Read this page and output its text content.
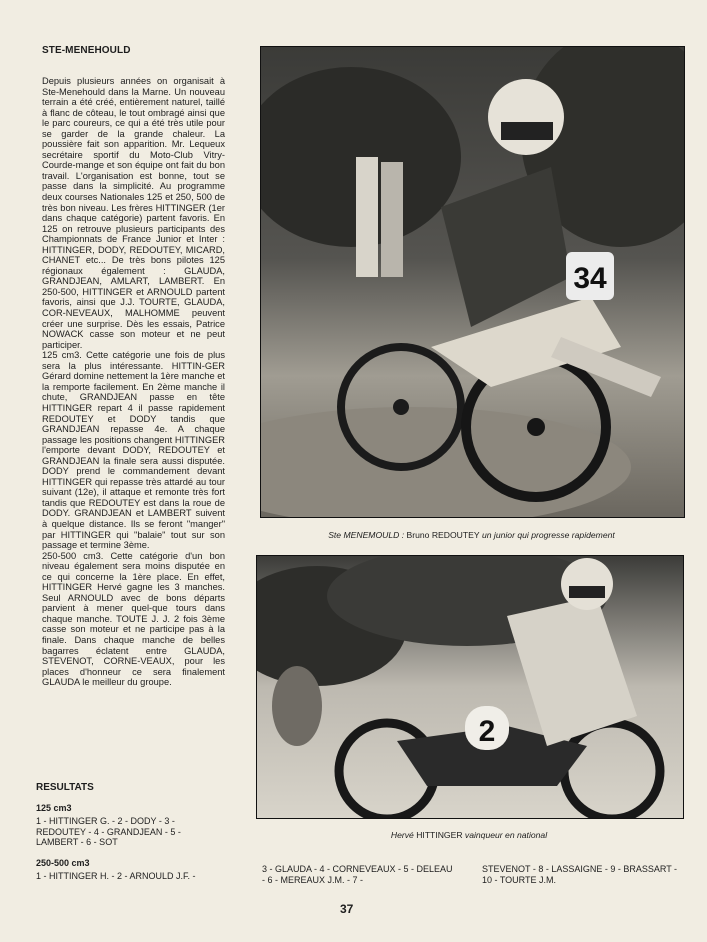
STE-MENEHOULD
Depuis plusieurs années on organisait à Ste-Menehould dans la Marne. Un nouveau terrain a été créé, entièrement naturel, taillé à flanc de côteau, le tout ombragé ainsi que le parc coureurs, ce qui a été très utile pour se garder de la grande chaleur. La poussière fait son apparition. Mr. Lequeux secrétaire sportif du Moto-Club Vitry-Courde-mange et son équipe ont fait du bon travail. L'organisation est bonne, tout se passe dans la simplicité. Au programme deux courses Nationales 125 et 250, 500 de très bon niveau. Les frères HITTINGER (1er dans chaque catégorie) partent favoris. En 125 on retrouve plusieurs participants des Championnats de France Junior et Inter : HITTINGER, DODY, REDOUTEY, MICARD, CHANET etc... De très bons pilotes 125 régionaux également : GLAUDA, GRANDJEAN, AMLART, LAMBERT. En 250-500, HITTINGER et ARNOULD partent favoris, ainsi que J.J. TOURTE, GLAUDA, COR-NEVEAUX, MALHOMME peuvent créer une surprise. Dès les essais, Patrice NOWACK casse son moteur et ne peut participer.
125 cm3. Cette catégorie une fois de plus sera la plus intéressante. HITTIN-GER Gérard domine nettement la 1ère manche et la remporte facilement. En 2ème manche il chute, GRANDJEAN passe en tête HITTINGER repart 4 il passe rapidement REDOUTEY et DODY tandis que GRANDJEAN repasse 4e. A chaque passage les positions changent HITTINGER l'emporte devant DODY, REDOUTEY et GRANDJEAN la finale sera aussi disputée. DODY prend le commandement devant HITTINGER qui repasse très attardé au tour suivant (12e), il attaque et remonte très fort tandis que REDOUTEY est dans la roue de DODY. GRANDJEAN et LAMBERT suivent à quelque distance. Ils se feront "manger" par HITTINGER qui "balaie" tout sur son passage et termine 3ème.
250-500 cm3. Cette catégorie d'un bon niveau également sera moins disputée en ce qui concerne la 1ère place. En effet, HITTINGER Hervé gagne les 3 manches. Seul ARNOULD avec de bons départs parvient à mener quel-que tours dans chaque manche. TOUTE J. J. 2 fois 3ème casse son moteur et ne participe pas à la finale. Dans chaque manche de belles bagarres éclatent entre GLAUDA, STEVENOT, CORNE-VEAUX, pour les places d'honneur ce sera finalement GLAUDA le meilleur du groupe.
RESULTATS
125 cm3
1 - HITTINGER G. - 2 - DODY - 3 - REDOUTEY - 4 - GRANDJEAN - 5 - LAMBERT - 6 - SOT
250-500 cm3
1 - HITTINGER H. - 2 - ARNOULD J.F. -
3 - GLAUDA - 4 - CORNEVEAUX - 5 - DELEAU - 6 - MEREAUX J.M. - 7 -
STEVENOT - 8 - LASSAIGNE - 9 - BRASSART - 10 - TOURTE J.M.
34
Ste MENEMOULD : Bruno REDOUTEY un junior qui progresse rapidement
2
Hervé HITTINGER vainqueur en national
37
